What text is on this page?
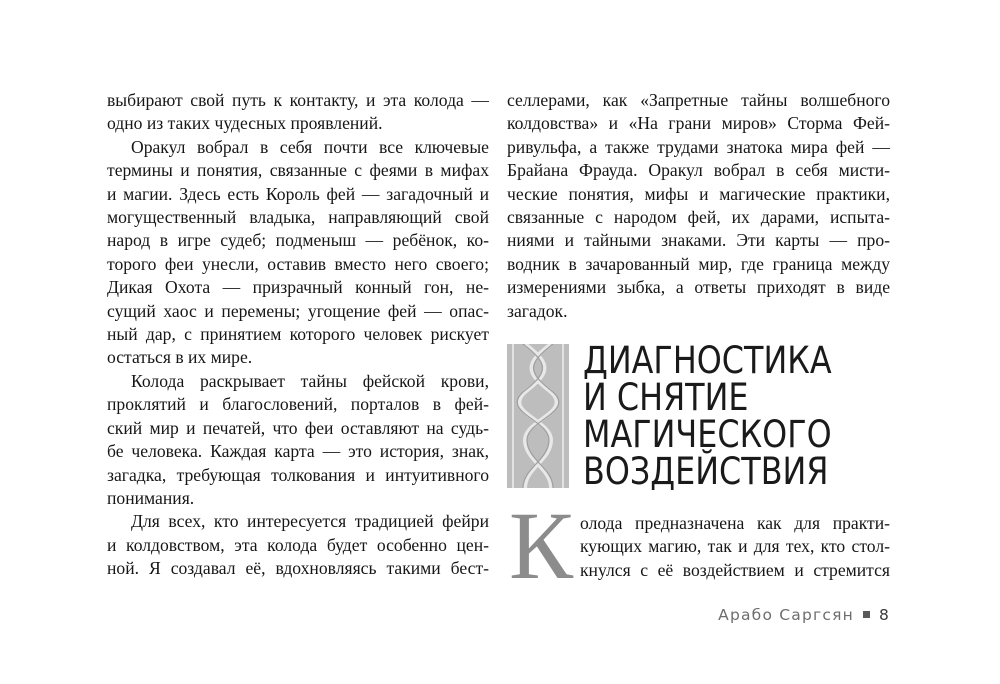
выбирают свой путь к контакту, и эта колода —
одно из таких чудесных проявлений.
Оракул вобрал в себя почти все ключевые
термины и понятия, связанные с феями в мифах
и магии. Здесь есть Король фей — загадочный и
могущественный владыка, направляющий свой
народ в игре судеб; подменыш — ребёнок, ко-
торого феи унесли, оставив вместо него своего;
Дикая Охота — призрачный конный гон, не-
сущий хаос и перемены; угощение фей — опас-
ный дар, с принятием которого человек рискует
остаться в их мире.
Колода раскрывает тайны фейской крови,
проклятий и благословений, порталов в фей-
ский мир и печатей, что феи оставляют на судь-
бе человека. Каждая карта — это история, знак,
загадка, требующая толкования и интуитивного
понимания.
Для всех, кто интересуется традицией фейри
и колдовством, эта колода будет особенно цен-
ной. Я создавал её, вдохновляясь такими бест-
селлерами, как «Запретные тайны волшебного
колдовства» и «На грани миров» Сторма Фей-
ривульфа, а также трудами знатока мира фей —
Брайана Фрауда. Оракул вобрал в себя мисти-
ческие понятия, мифы и магические практики,
связанные с народом фей, их дарами, испыта-
ниями и тайными знаками. Эти карты — про-
водник в зачарованный мир, где граница между
измерениями зыбка, а ответы приходят в виде
загадок.
ДИАГНОСТИКА
И СНЯТИЕ
МАГИЧЕСКОГО
ВОЗДЕЙСТВИЯ
К олода предназначена как для практи-
кующих магию, так и для тех, кто стол-
кнулся с её воздействием и стремится
Арабо Саргсян 8
